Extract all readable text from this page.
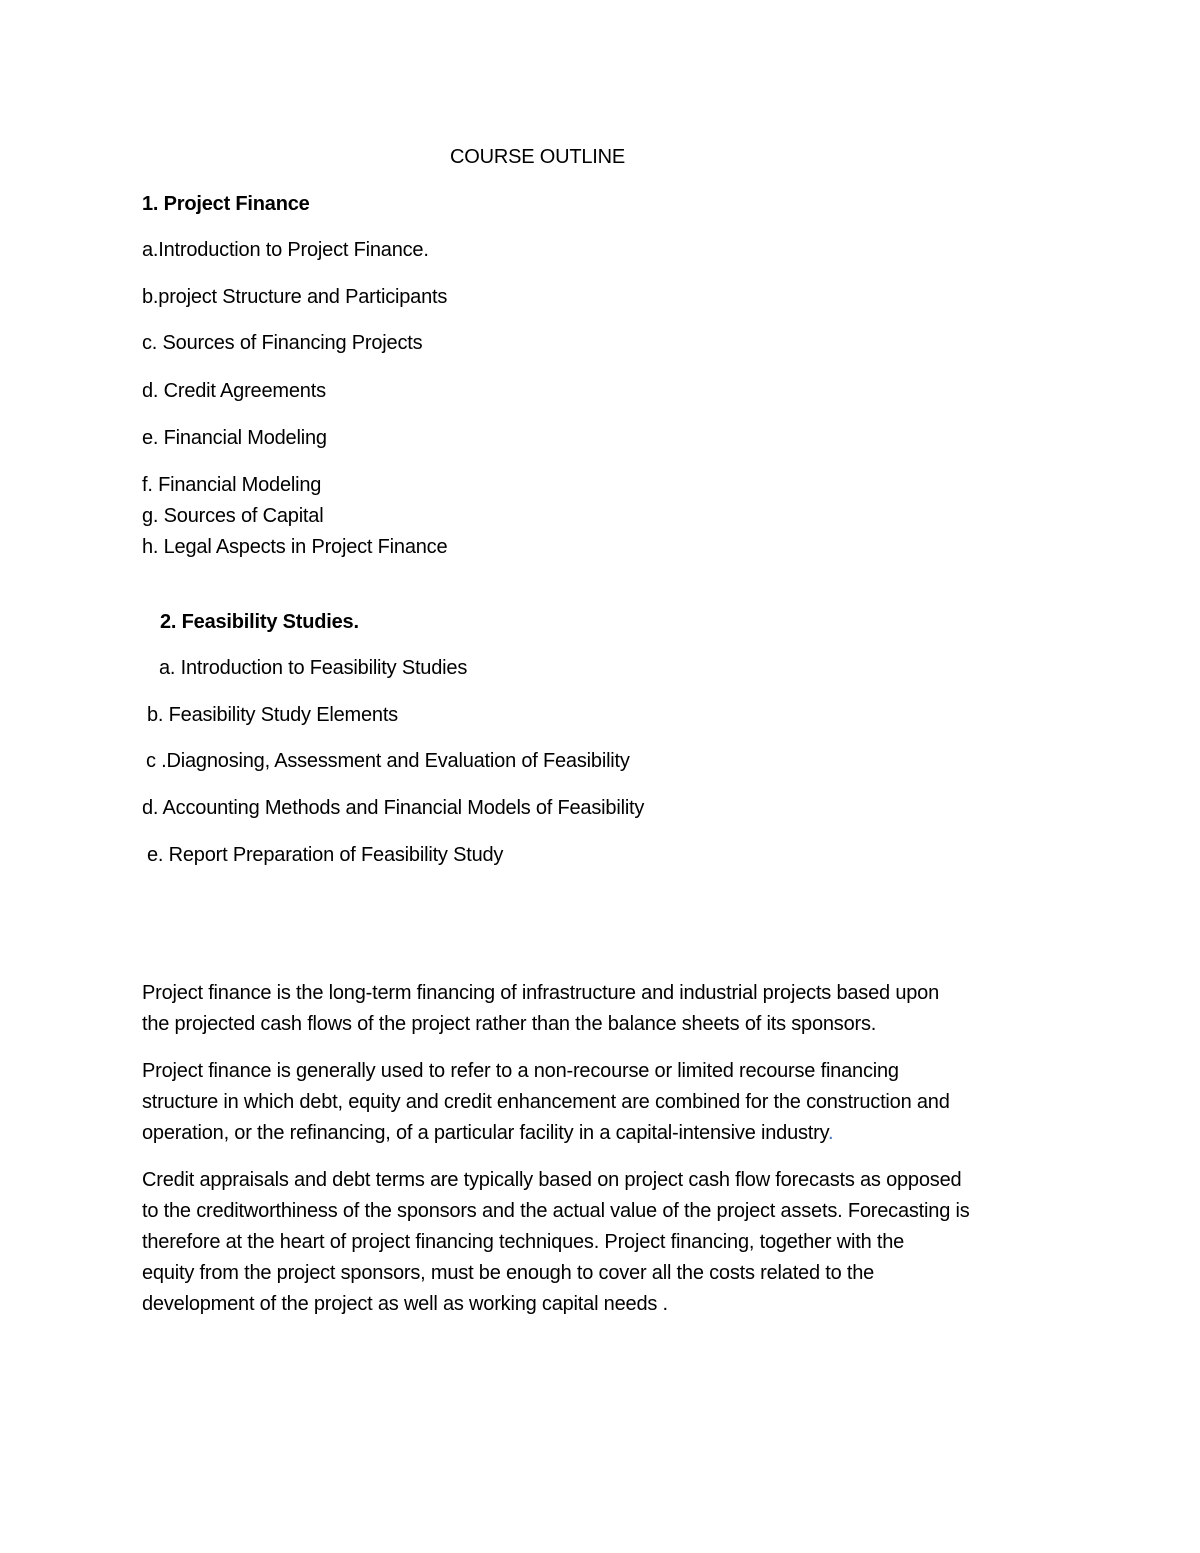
COURSE OUTLINE
1. Project Finance
a.Introduction to Project Finance.
b.project Structure and Participants
c. Sources of Financing Projects
d. Credit Agreements
e. Financial Modeling
f. Financial Modeling
g. Sources of Capital
h. Legal Aspects in Project Finance
2. Feasibility Studies.
a. Introduction to Feasibility Studies
b. Feasibility Study Elements
c .Diagnosing, Assessment and Evaluation of Feasibility
d. Accounting Methods and Financial Models of Feasibility
e. Report Preparation of Feasibility Study
Project finance is the long-term financing of infrastructure and industrial projects based upon
the projected cash flows of the project rather than the balance sheets of its sponsors.
Project finance is generally used to refer to a non-recourse or limited recourse financing
structure in which debt, equity and credit enhancement are combined for the construction and
operation, or the refinancing, of a particular facility in a capital-intensive industry.
Credit appraisals and debt terms are typically based on project cash flow forecasts as opposed
to the creditworthiness of the sponsors and the actual value of the project assets. Forecasting is
therefore at the heart of project financing techniques. Project financing, together with the
equity from the project sponsors, must be enough to cover all the costs related to the
development of the project as well as working capital needs .
